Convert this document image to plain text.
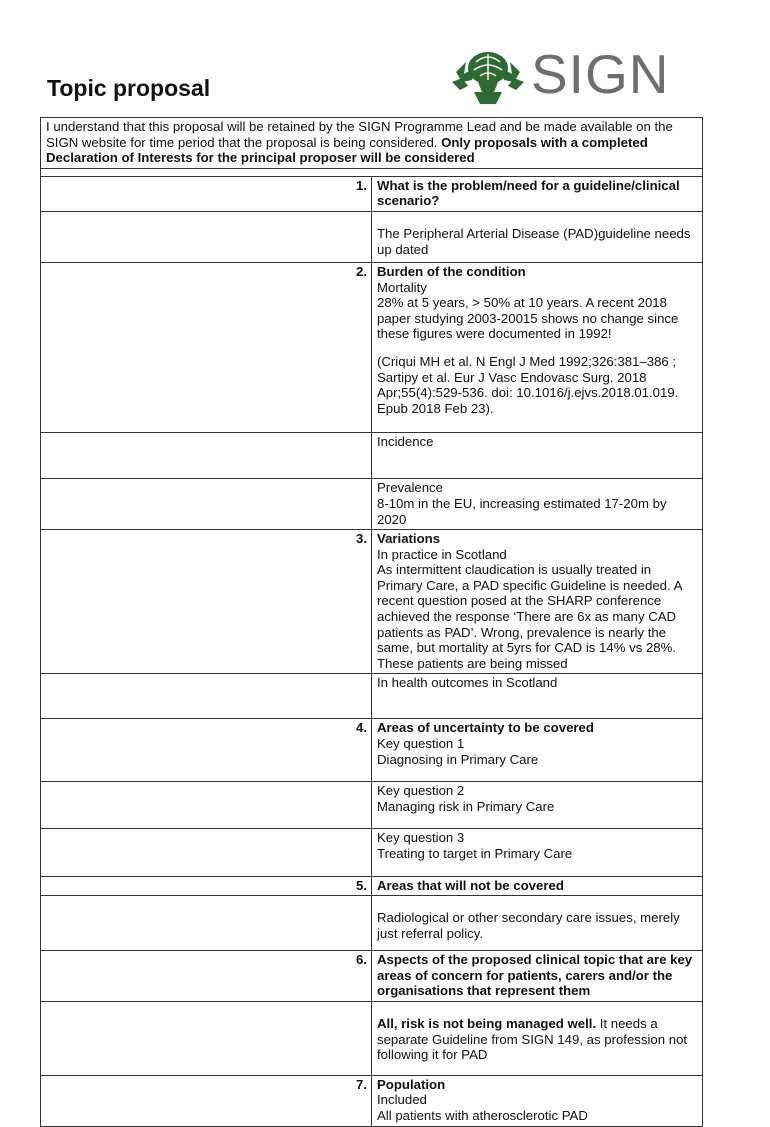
Topic proposal	SIGN
I understand that this proposal will be retained by the SIGN Programme Lead and be made available on the SIGN website for time period that the proposal is being considered. Only proposals with a completed Declaration of Interests for the principal proposer will be considered	

1.	What is the problem/need for a guideline/clinical scenario?
	The Peripheral Arterial Disease (PAD)guideline needs up dated
2.	Burden of the condition

Mortality

28% at 5 years, > 50% at 10 years. A recent 2018 paper studying 2003-20015 shows no change since these figures were documented in 1992!

(Criqui MH et al. N Engl J Med 1992;326:381–386 ; Sartipy et al. Eur J Vasc Endovasc Surg. 2018 Apr;55(4):529-536. doi: 10.1016/j.ejvs.2018.01.019. Epub 2018 Feb 23).

	Incidence

	Prevalence

8-10m in the EU, increasing estimated 17-20m by 2020

3.	Variations

In practice in Scotland

As intermittent claudication is usually treated in Primary Care, a PAD specific Guideline is needed. A recent question posed at the SHARP conference achieved the response ‘There are 6x as many CAD patients as PAD’. Wrong, prevalence is nearly the same, but mortality at 5yrs for CAD is 14% vs 28%. These patients are being missed

	In health outcomes in Scotland
4.	Areas of uncertainty to be covered

Key question 1

Diagnosing in Primary Care

	Key question 2

Managing risk in Primary Care

	Key question 3

Treating to target in Primary Care

5.	Areas that will not be covered
	Radiological or other secondary care issues, merely just referral policy.
6.	Aspects of the proposed clinical topic that are key areas of concern for patients, carers and/or the organisations that represent them
	All, risk is not being managed well. It needs a separate Guideline from SIGN 149, as profession not following it for PAD
7.	Population

Included

All patients with atherosclerotic PAD
